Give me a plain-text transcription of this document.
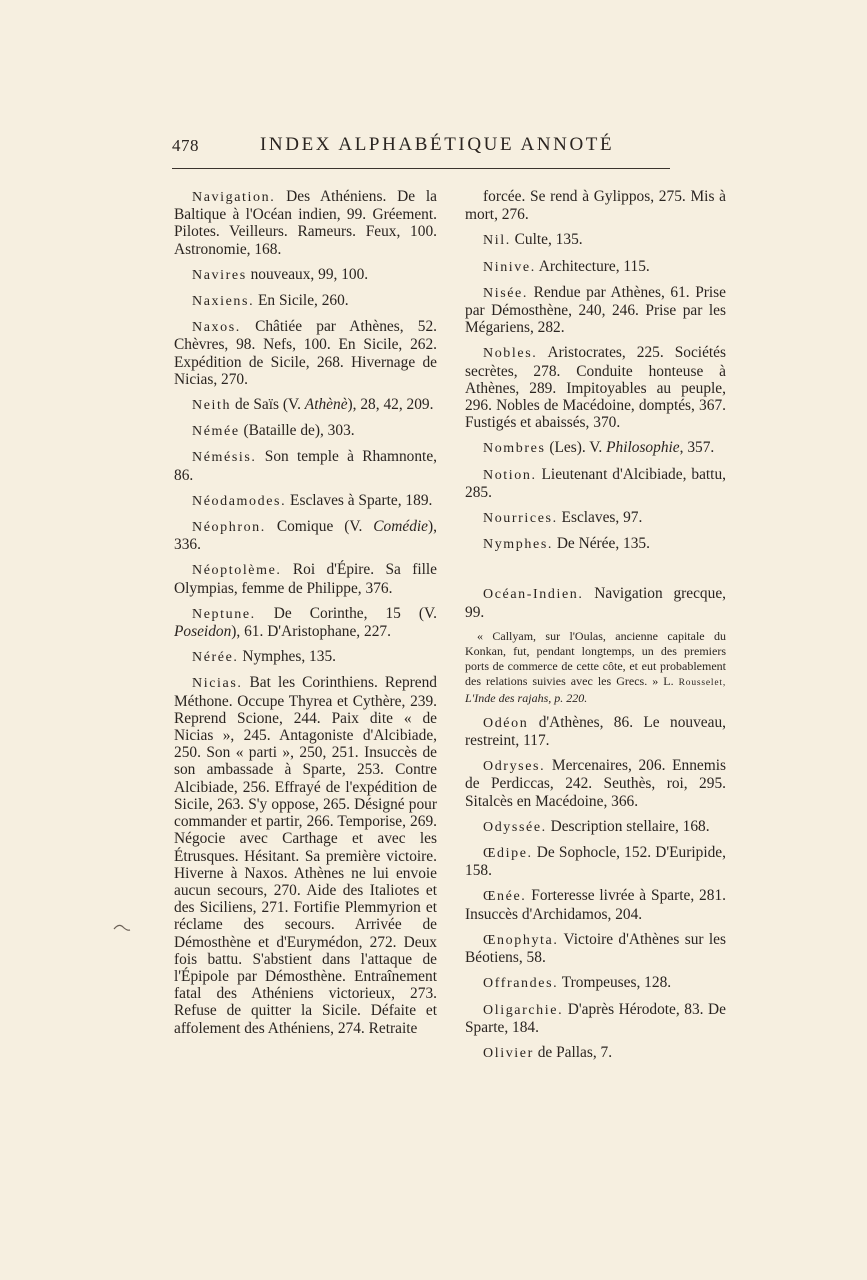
478	INDEX ALPHABÉTIQUE ANNOTÉ

Navigation. Des Athéniens. De la Baltique à l'Océan indien, 99. Gréement. Pilotes. Veilleurs. Rameurs. Feux, 100. Astronomie, 168.

Navires nouveaux, 99, 100.

Naxiens. En Sicile, 260.

Naxos. Châtiée par Athènes, 52. Chèvres, 98. Nefs, 100. En Sicile, 262. Expédition de Sicile, 268. Hivernage de Nicias, 270.

Neith de Saïs (V. Athènè), 28, 42, 209.

Némée (Bataille de), 303.

Némésis. Son temple à Rhamnonte, 86.

Néodamodes. Esclaves à Sparte, 189.

Néophron. Comique (V. Comédie), 336.

Néoptolème. Roi d'Épire. Sa fille Olympias, femme de Philippe, 376.

Neptune. De Corinthe, 15 (V. Poseidon), 61. D'Aristophane, 227.

Nérée. Nymphes, 135.

Nicias. Bat les Corinthiens. Reprend Méthone. Occupe Thyrea et Cythère, 239. Reprend Scione, 244. Paix dite « de Nicias », 245. Antagoniste d'Alcibiade, 250. Son « parti », 250, 251. Insuccès de son ambassade à Sparte, 253. Contre Alcibiade, 256. Effrayé de l'expédition de Sicile, 263. S'y oppose, 265. Désigné pour commander et partir, 266. Temporise, 269. Négocie avec Carthage et avec les Étrusques. Hésitant. Sa première victoire. Hiverne à Naxos. Athènes ne lui envoie aucun secours, 270. Aide des Italiotes et des Siciliens, 271. Fortifie Plemmyrion et réclame des secours. Arrivée de Démosthène et d'Eurymédon, 272. Deux fois battu. S'abstient dans l'attaque de l'Épipole par Démosthène. Entraînement fatal des Athéniens victorieux, 273. Refuse de quitter la Sicile. Défaite et affolement des Athéniens, 274. Retraite

forcée. Se rend à Gylippos, 275. Mis à mort, 276.

Nil. Culte, 135.

Ninive. Architecture, 115.

Nisée. Rendue par Athènes, 61. Prise par Démosthène, 240, 246. Prise par les Mégariens, 282.

Nobles. Aristocrates, 225. Sociétés secrètes, 278. Conduite honteuse à Athènes, 289. Impitoyables au peuple, 296. Nobles de Macédoine, domptés, 367. Fustigés et abaissés, 370.

Nombres (Les). V. Philosophie, 357.

Notion. Lieutenant d'Alcibiade, battu, 285.

Nourrices. Esclaves, 97.

Nymphes. De Nérée, 135.

Océan-Indien. Navigation grecque, 99.

« Callyam, sur l'Oulas, ancienne capitale du Konkan, fut, pendant longtemps, un des premiers ports de commerce de cette côte, et eut probablement des relations suivies avec les Grecs. » L. Rousselet, L'Inde des rajahs, p. 220.

Odéon d'Athènes, 86. Le nouveau, restreint, 117.

Odryses. Mercenaires, 206. Ennemis de Perdiccas, 242. Seuthès, roi, 295. Sitalcès en Macédoine, 366.

Odyssée. Description stellaire, 168.

Œdipe. De Sophocle, 152. D'Euripide, 158.

Œnée. Forteresse livrée à Sparte, 281. Insuccès d'Archidamos, 204.

Œnophyta. Victoire d'Athènes sur les Béotiens, 58.

Offrandes. Trompeuses, 128.

Oligarchie. D'après Hérodote, 83. De Sparte, 184.

Olivier de Pallas, 7.
